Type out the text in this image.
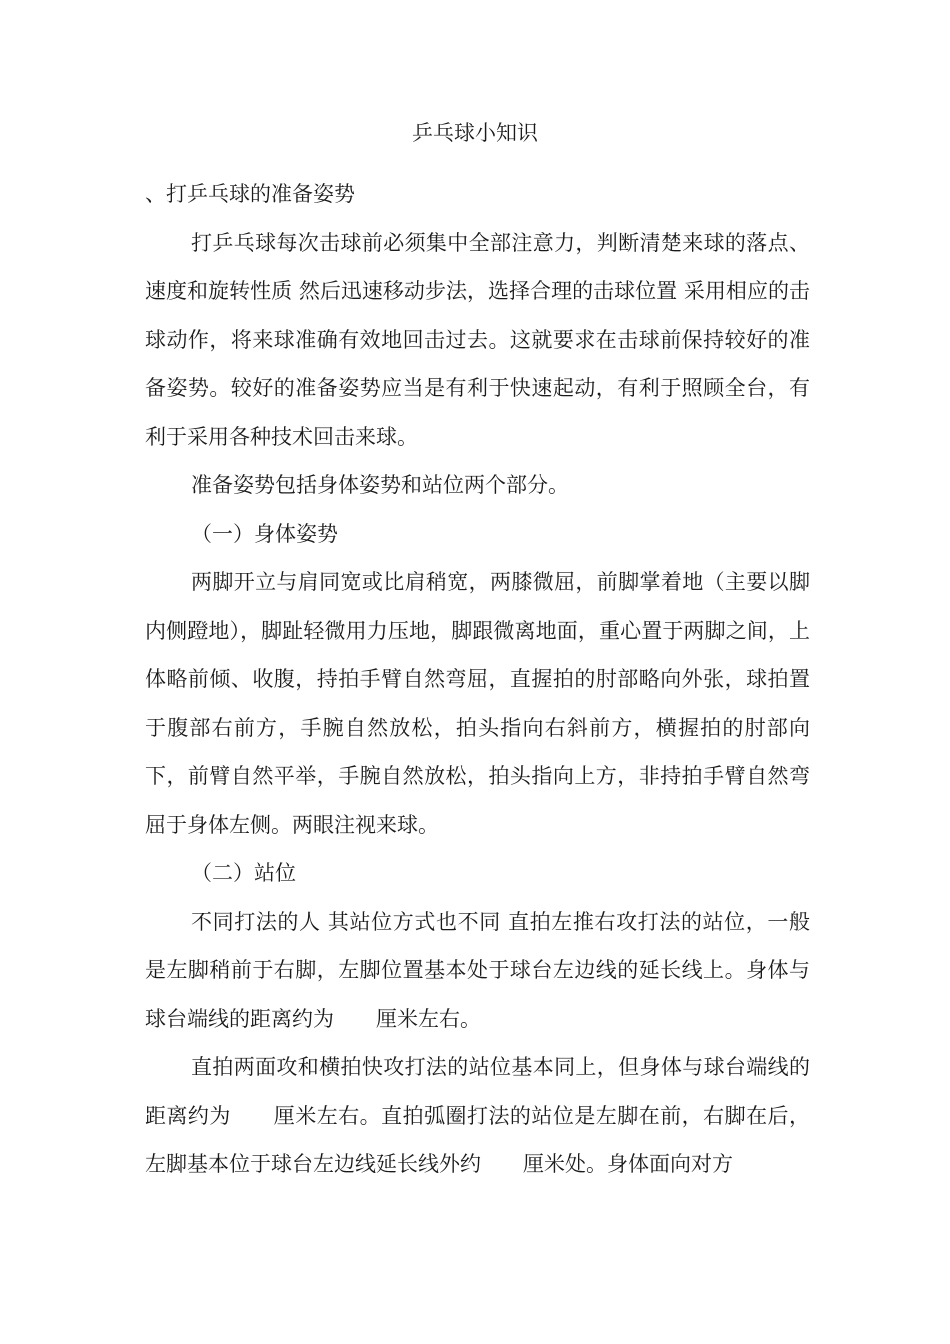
乒乓球小知识

、打乒乓球的准备姿势

打乒乓球每次击球前必须集中全部注意力，判断清楚来球的落点、速度和旋转性质 然后迅速移动步法，选择合理的击球位置 采用相应的击球动作，将来球准确有效地回击过去。这就要求在击球前保持较好的准备姿势。较好的准备姿势应当是有利于快速起动，有利于照顾全台，有利于采用各种技术回击来球。

准备姿势包括身体姿势和站位两个部分。

（一）身体姿势

两脚开立与肩同宽或比肩稍宽，两膝微屈，前脚掌着地（主要以脚内侧蹬地），脚趾轻微用力压地，脚跟微离地面，重心置于两脚之间，上体略前倾、收腹，持拍手臂自然弯屈，直握拍的肘部略向外张，球拍置于腹部右前方，手腕自然放松，拍头指向右斜前方，横握拍的肘部向下，前臂自然平举，手腕自然放松，拍头指向上方，非持拍手臂自然弯屈于身体左侧。两眼注视来球。

（二）站位

不同打法的人 其站位方式也不同 直拍左推右攻打法的站位，一般是左脚稍前于右脚，左脚位置基本处于球台左边线的延长线上。身体与球台端线的距离约为　　厘米左右。

直拍两面攻和横拍快攻打法的站位基本同上，但身体与球台端线的距离约为　　厘米左右。直拍弧圈打法的站位是左脚在前，右脚在后，左脚基本位于球台左边线延长线外约　　厘米处。身体面向对方
